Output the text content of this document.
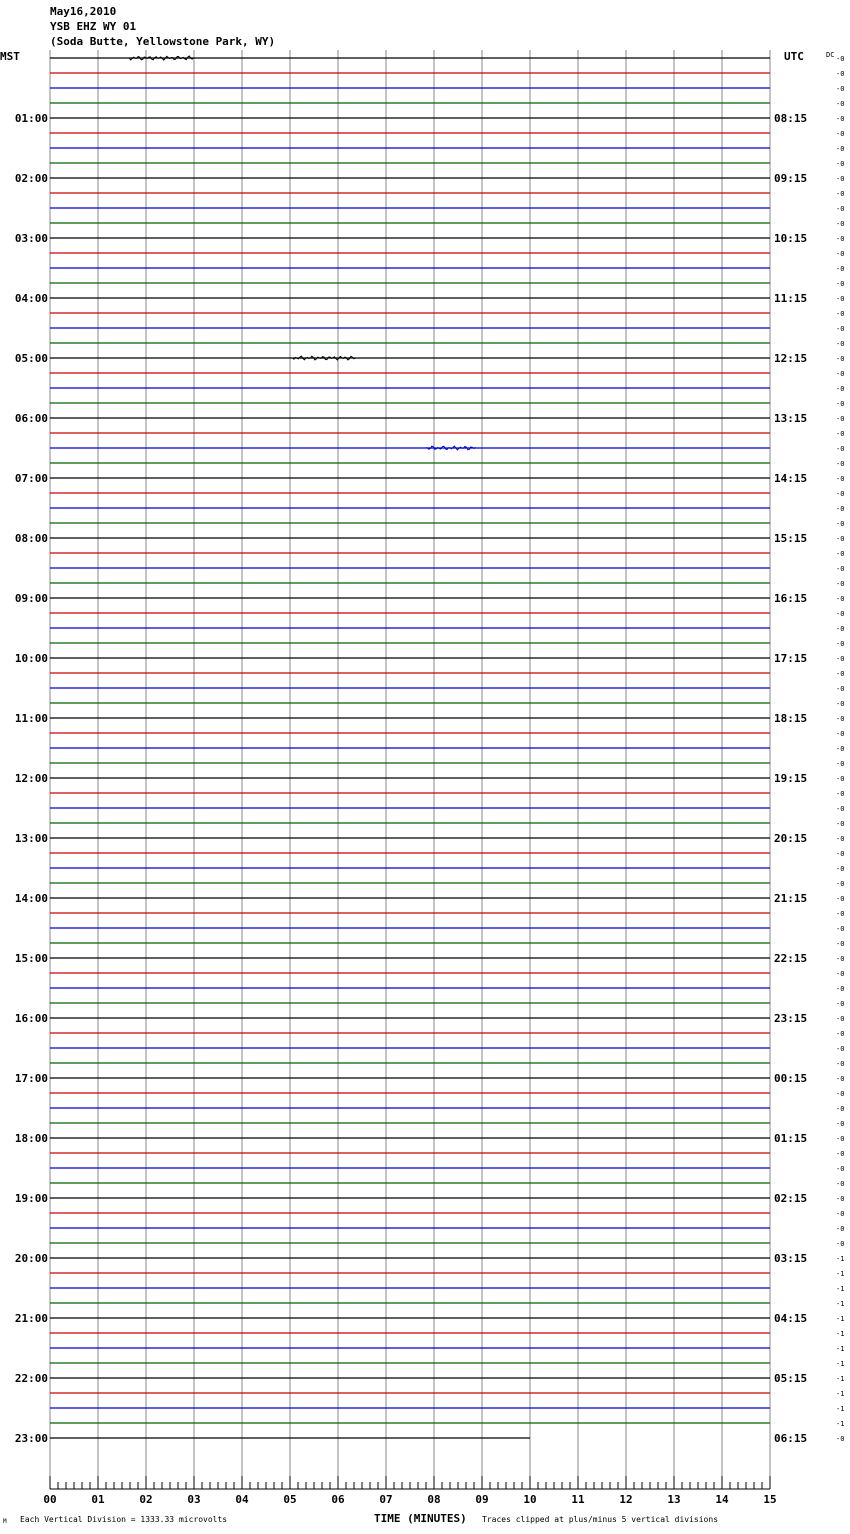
May16,2010
YSB EHZ WY 01
(Soda Butte, Yellowstone Park, WY)
MST	UTC
01:00
02:00
03:00
04:00
05:00
06:00
07:00
08:00
09:00
10:00
11:00
12:00
13:00
14:00
15:00
16:00
17:00
18:00
19:00
20:00
21:00
22:00
23:00
08:15
09:15
10:15
11:15
12:15
13:15
14:15
15:15
16:15
17:15
18:15
19:15
20:15
21:15
22:15
23:15
00:15
01:15
02:15
03:15
04:15
05:15
06:15
DC -0
-0
-0
-0
-0
-0
-0
-0
-0
-0
-0
-0
-0
-0
-0
-0
-0
-0
-0
-0
-0
-0
-0
-0
-0
-0
-0
-0
-0
-0
-0
-0
-0
-0
-0
-0
-0
-0
-0
-0
-0
-0
-0
-0
-0
-0
-0
-0
-0
-0
-0
-0
-0
-0
-0
-0
-0
-0
-0
-0
-0
-0
-0
-0
-0
-0
-0
-0
-0
-0
-0
-0
-0
-0
-0
-0
-0
-0
-0
-0
-1
-1
-1
-1
-1
-1
-1
-1
-1
-1
-1
-1
-0
00	01	02	03	04	05	06	07	08	09	10	11	12	13	14	15
M Each Vertical Division = 1333.33 microvolts	TIME (MINUTES) Traces clipped at plus/minus 5 vertical divisions
